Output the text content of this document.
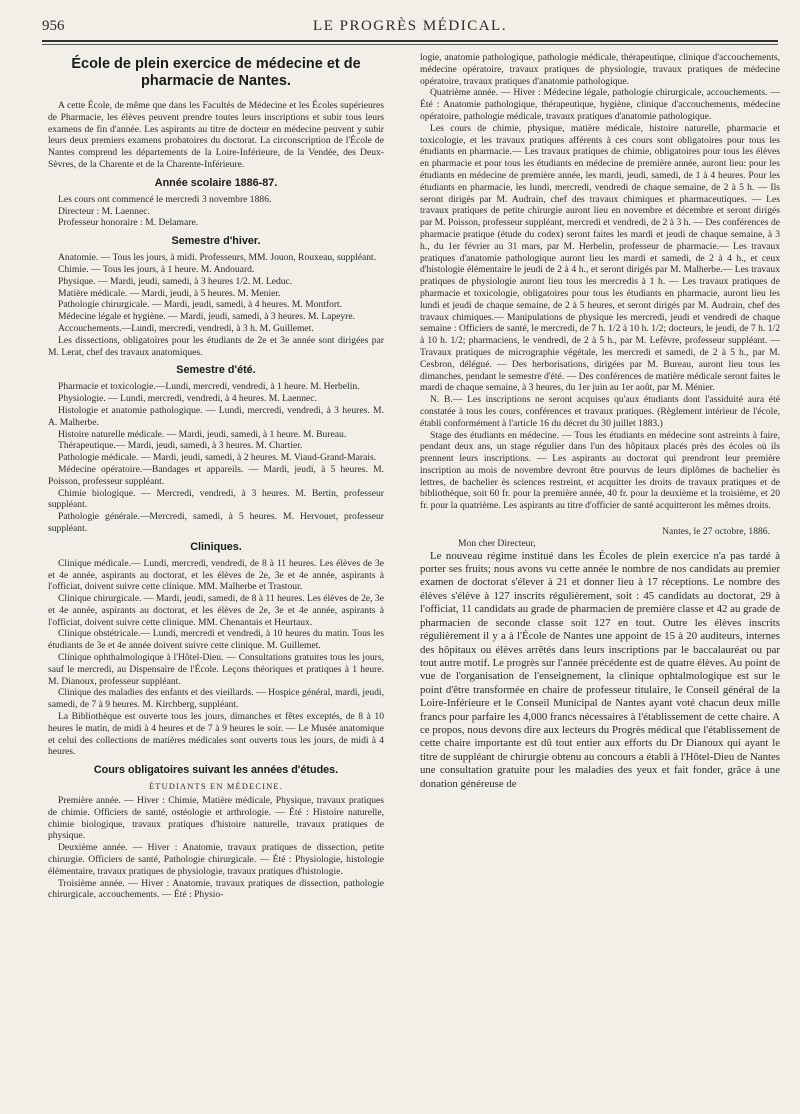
956	LE PROGRÈS MÉDICAL.
École de plein exercice de médecine et de
pharmacie de Nantes.

A cette École, de même que dans les Facultés de Médecine et les Écoles supérieures de Pharmacie, les élèves peuvent prendre toutes leurs inscriptions et subir tous leurs examens de fin d'année. Les aspirants au titre de docteur en médecine peuvent y subir leurs deux premiers examens probatoires du doctorat. La circonscription de l'École de Nantes comprend les départements de la Loire-Inférieure, de la Vendée, des Deux-Sèvres, de la Charente et de la Charente-Inférieure.

Année scolaire 1886-87.

Les cours ont commencé le mercredi 3 novembre 1886.

Directeur : M. Laennec.

Professeur honoraire : M. Delamare.

Semestre d'hiver.

Anatomie. — Tous les jours, à midi. Professeurs, MM. Jouon, Rouxeau, suppléant.

Chimie. — Tous les jours, à 1 heure. M. Andouard.

Physique. — Mardi, jeudi, samedi, à 3 heures 1/2. M. Leduc.

Matière médicale. — Mardi, jeudi, à 5 heures. M. Menier.

Pathologie chirurgicale. — Mardi, jeudi, samedi, à 4 heures. M. Montfort.

Médecine légale et hygiène. — Mardi, jeudi, samedi, à 3 heures. M. Lapeyre.

Accouchements.—Lundi, mercredi, vendredi, à 3 h. M. Guillemet.

Les dissections, obligatoires pour les étudiants de 2e et 3e année sont dirigées par M. Lerat, chef des travaux anatomiques.

Semestre d'été.

Pharmacie et toxicologie.—Lundi, mercredi, vendredi, à 1 heure. M. Herbelin.

Physiologie. — Lundi, mercredi, vendredi, à 4 heures. M. Laennec.

Histologie et anatomie pathologique. — Lundi, mercredi, vendredi, à 3 heures. M. A. Malherbe.

Histoire naturelle médicale. — Mardi, jeudi, samedi, à 1 heure. M. Bureau.

Thérapeutique.— Mardi, jeudi, samedi, à 3 heures. M. Chartier.

Pathologie médicale. — Mardi, jeudi, samedi, à 2 heures. M. Viaud-Grand-Marais.

Médecine opératoire.—Bandages et appareils. — Mardi, jeudi, à 5 heures. M. Poisson, professeur suppléant.

Chimie biologique. — Mercredi, vendredi, à 3 heures. M. Bertin, professeur suppléant.

Pathologie générale.—Mercredi, samedi, à 5 heures. M. Hervouet, professeur suppléant.

Cliniques.

Clinique médicale.— Lundi, mercredi, vendredi, de 8 à 11 heures. Les élèves de 3e et 4e année, aspirants au doctorat, et les élèves de 2e, 3e et 4e année, aspirants à l'officiat, doivent suivre cette clinique. MM. Malherbe et Trastour.

Clinique chirurgicale. — Mardi, jeudi, samedi, de 8 à 11 heures. Les élèves de 2e, 3e et 4e année, aspirants au doctorat, et les élèves de 2e, 3e et 4e année, aspirants à l'officiat, doivent suivre cette clinique. MM. Chenantais et Heurtaux.

Clinique obstétricale.— Lundi, mercredi et vendredi, à 10 heures du matin. Tous les étudiants de 3e et 4e année doivent suivre cette clinique. M. Guillemet.

Clinique ophthalmologique à l'Hôtel-Dieu. — Consultations gratuites tous les jours, sauf le mercredi, au Dispensaire de l'École. Leçons théoriques et pratiques à 1 heure. M. Dianoux, professeur suppléant.

Clinique des maladies des enfants et des vieillards. — Hospice général, mardi, jeudi, samedi, de 7 à 9 heures. M. Kirchberg, suppléant.

La Bibliothèque est ouverte tous les jours, dimanches et fêtes exceptés, de 8 à 10 heures le matin, de midi à 4 heures et de 7 à 9 heures le soir. — Le Musée anatomique et celui des collections de matières médicales sont ouverts tous les jours, de midi à 4 heures.

Cours obligatoires suivant les années d'études.
ÉTUDIANTS EN MÉDECINE.

Première année. — Hiver : Chimie, Matière médicale, Physique, travaux pratiques de chimie. Officiers de santé, ostéologie et arthrologie. — Été : Histoire naturelle, chimie biologique, travaux pratiques d'histoire naturelle, travaux pratiques de physique.

Deuxième année. — Hiver : Anatomie, travaux pratiques de dissection, petite chirurgie. Officiers de santé, Pathologie chirurgicale. — Été : Physiologie, histologie élémentaire, travaux pratiques de physiologie, travaux pratiques d'histologie.

Troisième année. — Hiver : Anatomie, travaux pratiques de dissection, pathologie chirurgicale, accouchements. — Été : Physio-

logie, anatomie pathologique, pathologie médicale, thérapeutique, clinique d'accouchements, médecine opératoire, travaux pratiques de physiologie, travaux pratiques de médecine opératoire, travaux pratiques d'anatomie pathologique.

Quatrième année. — Hiver : Médecine légale, pathologie chirurgicale, accouchements. — Été : Anatomie pathologique, thérapeutique, hygiène, clinique d'accouchements, médecine opératoire, pathologie médicale, travaux pratiques d'anatomie pathologique.

Les cours de chimie, physique, matière médicale, histoire naturelle, pharmacie et toxicologie, et les travaux pratiques afférents à ces cours sont obligatoires pour tous les étudiants en pharmacie.— Les travaux pratiques de chimie, obligatoires pour tous les élèves en pharmacie et pour tous les étudiants en médecine de première année, auront lieu: pour les étudiants en médecine de première année, les mardi, jeudi, samedi, de 1 à 4 heures. Pour les étudiants en pharmacie, les lundi, mercredi, vendredi de chaque semaine, de 2 à 5 h. — Ils seront dirigés par M. Audrain, chef des travaux chimiques et pharmaceutiques. — Les travaux pratiques de petite chirurgie auront lieu en novembre et décembre et seront dirigés par M. Poisson, professeur suppléant, mercredi et vendredi, de 2 à 3 h. — Des conférences de pharmacie pratique (étude du codex) seront faites les mardi et jeudi de chaque semaine, à 3 h., du 1er février au 31 mars, par M. Herbelin, professeur de pharmacie.— Les travaux pratiques d'anatomie pathologique auront lieu les mardi et samedi, de 2 à 4 h., et ceux d'histologie élémentaire le jeudi de 2 à 4 h., et seront dirigés par M. Malherbe.— Les travaux pratiques de physiologie auront lieu tous les mercredis à 1 h. — Les travaux pratiques de pharmacie et toxicologie, obligatoires pour tous les étudiants en pharmacie, auront lieu les lundi et jeudi de chaque semaine, de 2 à 5 heures, et seront dirigés par M. Audrain, chef des travaux chimiques.— Manipulations de physique les mercredi, jeudi et vendredi de chaque semaine : Officiers de santé, le mercredi, de 7 h. 1/2 à 10 h. 1/2; docteurs, le jeudi, de 7 h. 1/2 à 10 h. 1/2; pharmaciens, le vendredi, de 2 à 5 h., par M. Lefèvre, professeur suppléant. — Travaux pratiques de micrographie végétale, les mercredi et samedi, de 2 à 5 h., par M. Cesbron, délégué. — Des herborisations, dirigées par M. Bureau, auront lieu tous les dimanches, pendant le semestre d'été. — Des conférences de matière médicale seront faites le mardi de chaque semaine, à 3 heures, du 1er juin au 1er août, par M. Ménier.

N. B.— Les inscriptions ne seront acquises qu'aux étudiants dont l'assiduité aura été constatée à tous les cours, conférences et travaux pratiques. (Règlement intérieur de l'école, établi conformément à l'article 16 du décret du 30 juillet 1883.)

Stage des étudiants en médecine. — Tous les étudiants en médecine sont astreints à faire, pendant deux ans, un stage régulier dans l'un des hôpitaux placés près des écoles où ils prennent leurs inscriptions. — Les aspirants au doctorat qui prendront leur première inscription au mois de novembre devront être pourvus de leurs diplômes de bachelier ès lettres, de bachelier ès sciences restreint, et acquitter les droits de travaux pratiques et de bibliothèque, soit 60 fr. pour la première année, 40 fr. pour la deuxième et la troisième, et 20 fr. pour la quatrième. Les aspirants au titre d'officier de santé acquitteront les mêmes droits.

Nantes, le 27 octobre, 1886.

Mon cher Directeur,

Le nouveau régime institué dans les Écoles de plein exercice n'a pas tardé à porter ses fruits; nous avons vu cette année le nombre de nos candidats au premier examen de doctorat s'élever à 21 et donner lieu à 17 réceptions. Le nombre des élèves s'élève à 127 inscrits régulièrement, soit : 45 candidats au doctorat, 29 à l'officiat, 11 candidats au grade de pharmacien de première classe et 42 au grade de pharmacien de seconde classe soit 127 en tout. Outre les élèves inscrits régulièrement il y a à l'École de Nantes une appoint de 15 à 20 auditeurs, internes des hôpitaux ou élèves arrêtés dans leurs inscriptions par le baccalauréat ou par tout autre motif. Le progrès sur l'année précédente est de quatre élèves. Au point de vue de l'organisation de l'enseignement, la clinique ophtalmologique est sur le point d'être transformée en chaire de professeur titulaire, le Conseil général de la Loire-Inférieure et le Conseil Municipal de Nantes ayant voté chacun deux mille francs pour parfaire les 4,000 francs nécessaires à l'établissement de cette chaire. A ce propos, nous devons dire aux lecteurs du Progrès médical que l'établissement de cette chaire importante est dû tout entier aux efforts du Dr Dianoux qui ayant le titre de suppléant de chirurgie obtenu au concours a établi à l'Hôtel-Dieu de Nantes une consultation gratuite pour les maladies des yeux et fait fonder, grâce à une donation généreuse de
